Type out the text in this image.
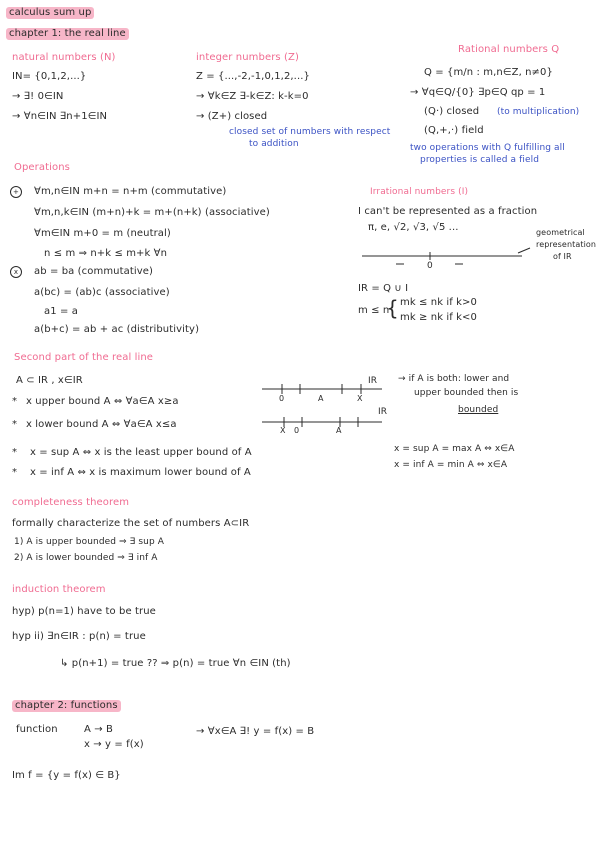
calculus sum up
chapter 1: the real line
natural numbers (N)
IN= {0,1,2,...}
→ ∃! 0∈IN
→ ∀n∈IN ∃n+1∈IN
integer numbers (Z)
Z = {...,-2,-1,0,1,2,...}
→ ∀k∈Z ∃-k∈Z: k-k=0
→ (Z+) closed
closed set of numbers with respect
to addition
Rational numbers Q
Q = {m/n : m,n∈Z, n≠0}
→ ∀q∈Q/{0} ∃p∈Q qp = 1
(Q·) closed (to multiplication)
(Q,+,·) field
two operations with Q fulfilling all
properties is called a field
Operations
+	∀m,n∈IN m+n = n+m (commutative)
∀m,n,k∈IN (m+n)+k = m+(n+k) (associative)
∀m∈IN m+0 = m (neutral)
n ≤ m ⇒ n+k ≤ m+k ∀n
x	ab = ba (commutative)
a(bc) = (ab)c (associative)
a1 = a
a(b+c) = ab + ac (distributivity)
Irrational numbers (I)
I can't be represented as a fraction
π, e, √2, √3, √5 ...	geometrical
representation
of IR
0
IR = Q ∪ I
m ≤ n
{ mk ≤ nk if k>0
mk ≥ nk if k<0
Second part of the real line
A ⊂ IR , x∈IR
* x upper bound A ⇔ ∀a∈A x≥a
* x lower bound A ⇔ ∀a∈A x≤a
IR
0	A	X
IR
X 0	A
→ if A is both: lower and
upper bounded then is
bounded
* x = sup A ⇔ x is the least upper bound of A
* x = inf A ⇔ x is maximum lower bound of A
x = sup A = max A ⇔ x∈A
x = inf A = min A ⇔ x∈A
completeness theorem
formally characterize the set of numbers A⊂IR
1) A is upper bounded ⇒ ∃ sup A
2) A is lower bounded ⇒ ∃ inf A
induction theorem
hyp) p(n=1) have to be true
hyp ii) ∃n∈IR : p(n) = true
↳ p(n+1) = true ?? ⇒ p(n) = true ∀n ∈IN (th)
chapter 2: functions
function	A → B
x → y = f(x)
→ ∀x∈A ∃! y = f(x) = B
Im f = {y = f(x) ∈ B}
